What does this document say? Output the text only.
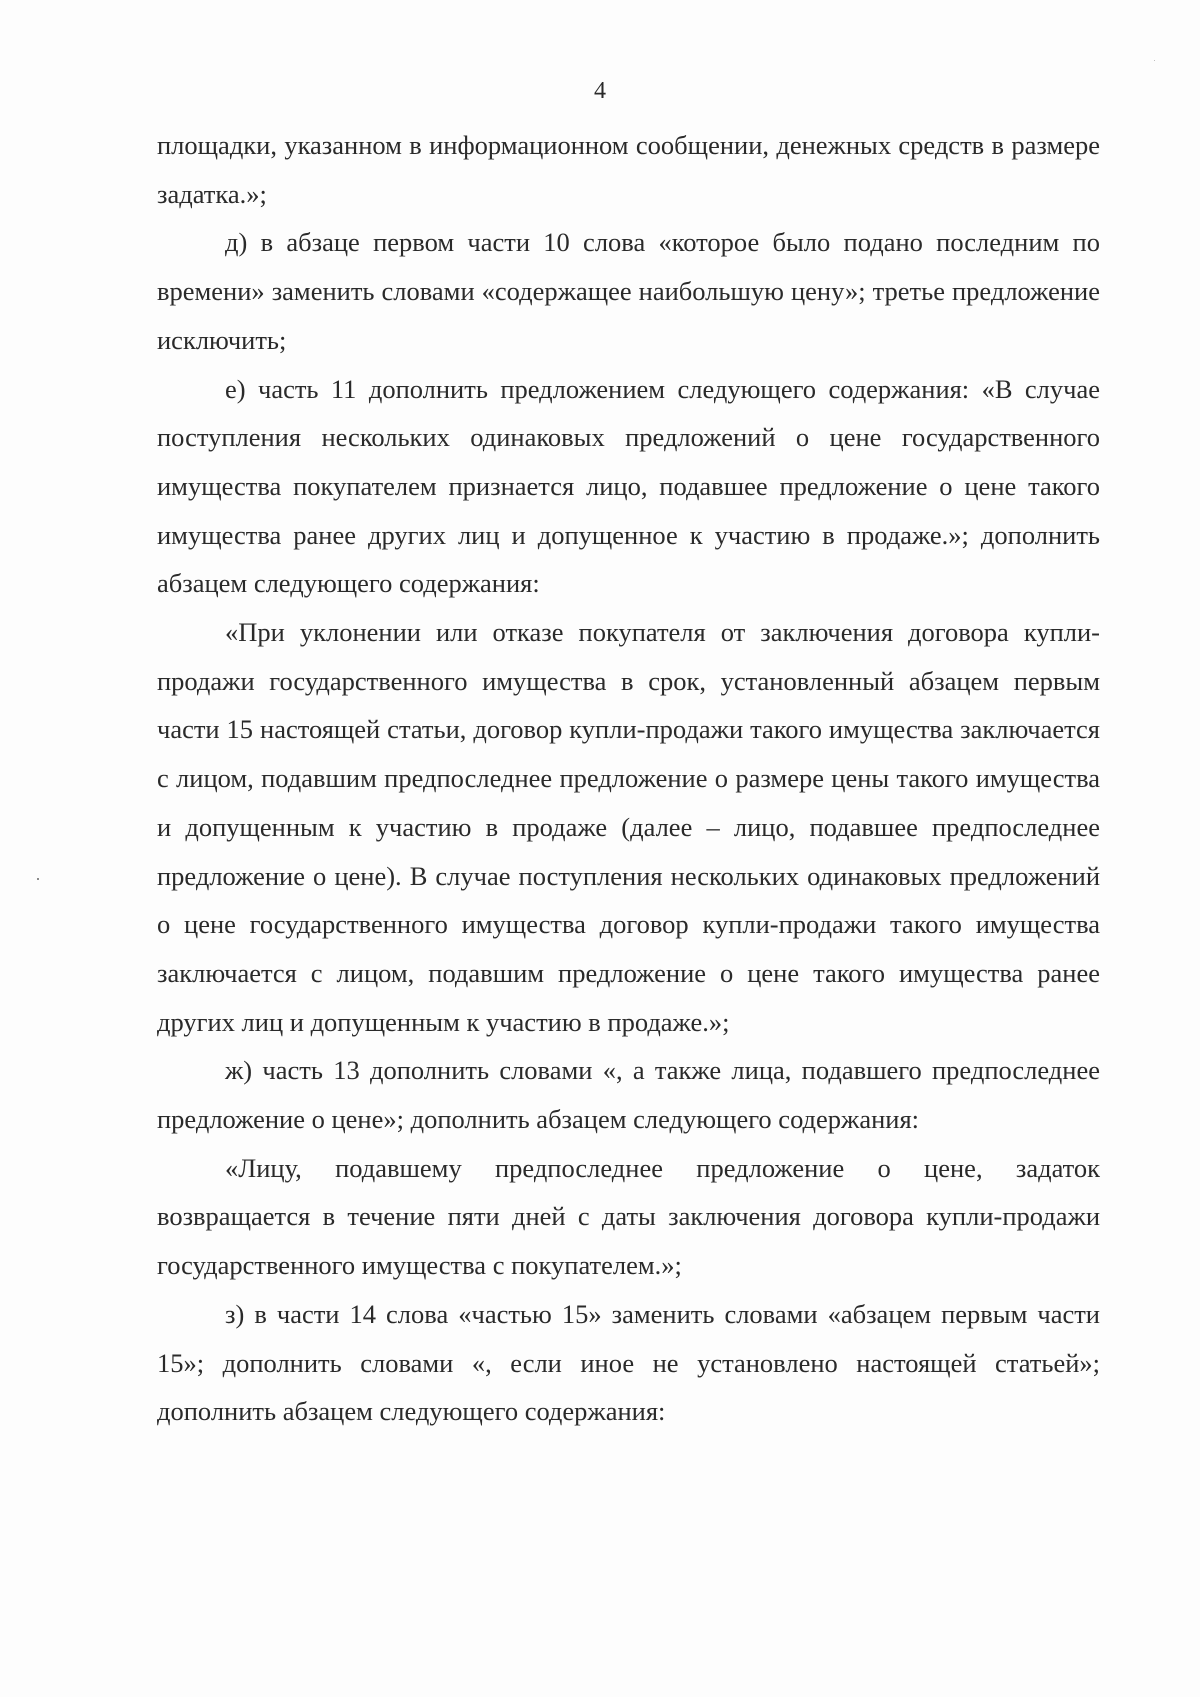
4

площадки, указанном в информационном сообщении, денежных средств в размере задатка.»;

д) в абзаце первом части 10 слова «которое было подано последним по времени» заменить словами «содержащее наибольшую цену»; третье предложение исключить;

е) часть 11 дополнить предложением следующего содержания: «В случае поступления нескольких одинаковых предложений о цене государственного имущества покупателем признается лицо, подавшее предложение о цене такого имущества ранее других лиц и допущенное к участию в продаже.»; дополнить абзацем следующего содержания:

«При уклонении или отказе покупателя от заключения договора купли-продажи государственного имущества в срок, установленный абзацем первым части 15 настоящей статьи, договор купли-продажи такого имущества заключается с лицом, подавшим предпоследнее предложение о размере цены такого имущества и допущенным к участию в продаже (далее – лицо, подавшее предпоследнее предложение о цене). В случае поступления нескольких одинаковых предложений о цене государственного имущества договор купли-продажи такого имущества заключается с лицом, подавшим предложение о цене такого имущества ранее других лиц и допущенным к участию в продаже.»;

ж) часть 13 дополнить словами «, а также лица, подавшего предпоследнее предложение о цене»; дополнить абзацем следующего содержания:

«Лицу, подавшему предпоследнее предложение о цене, задаток возвращается в течение пяти дней с даты заключения договора купли-продажи государственного имущества с покупателем.»;

з) в части 14 слова «частью 15» заменить словами «абзацем первым части 15»; дополнить словами «, если иное не установлено настоящей статьей»; дополнить абзацем следующего содержания:
